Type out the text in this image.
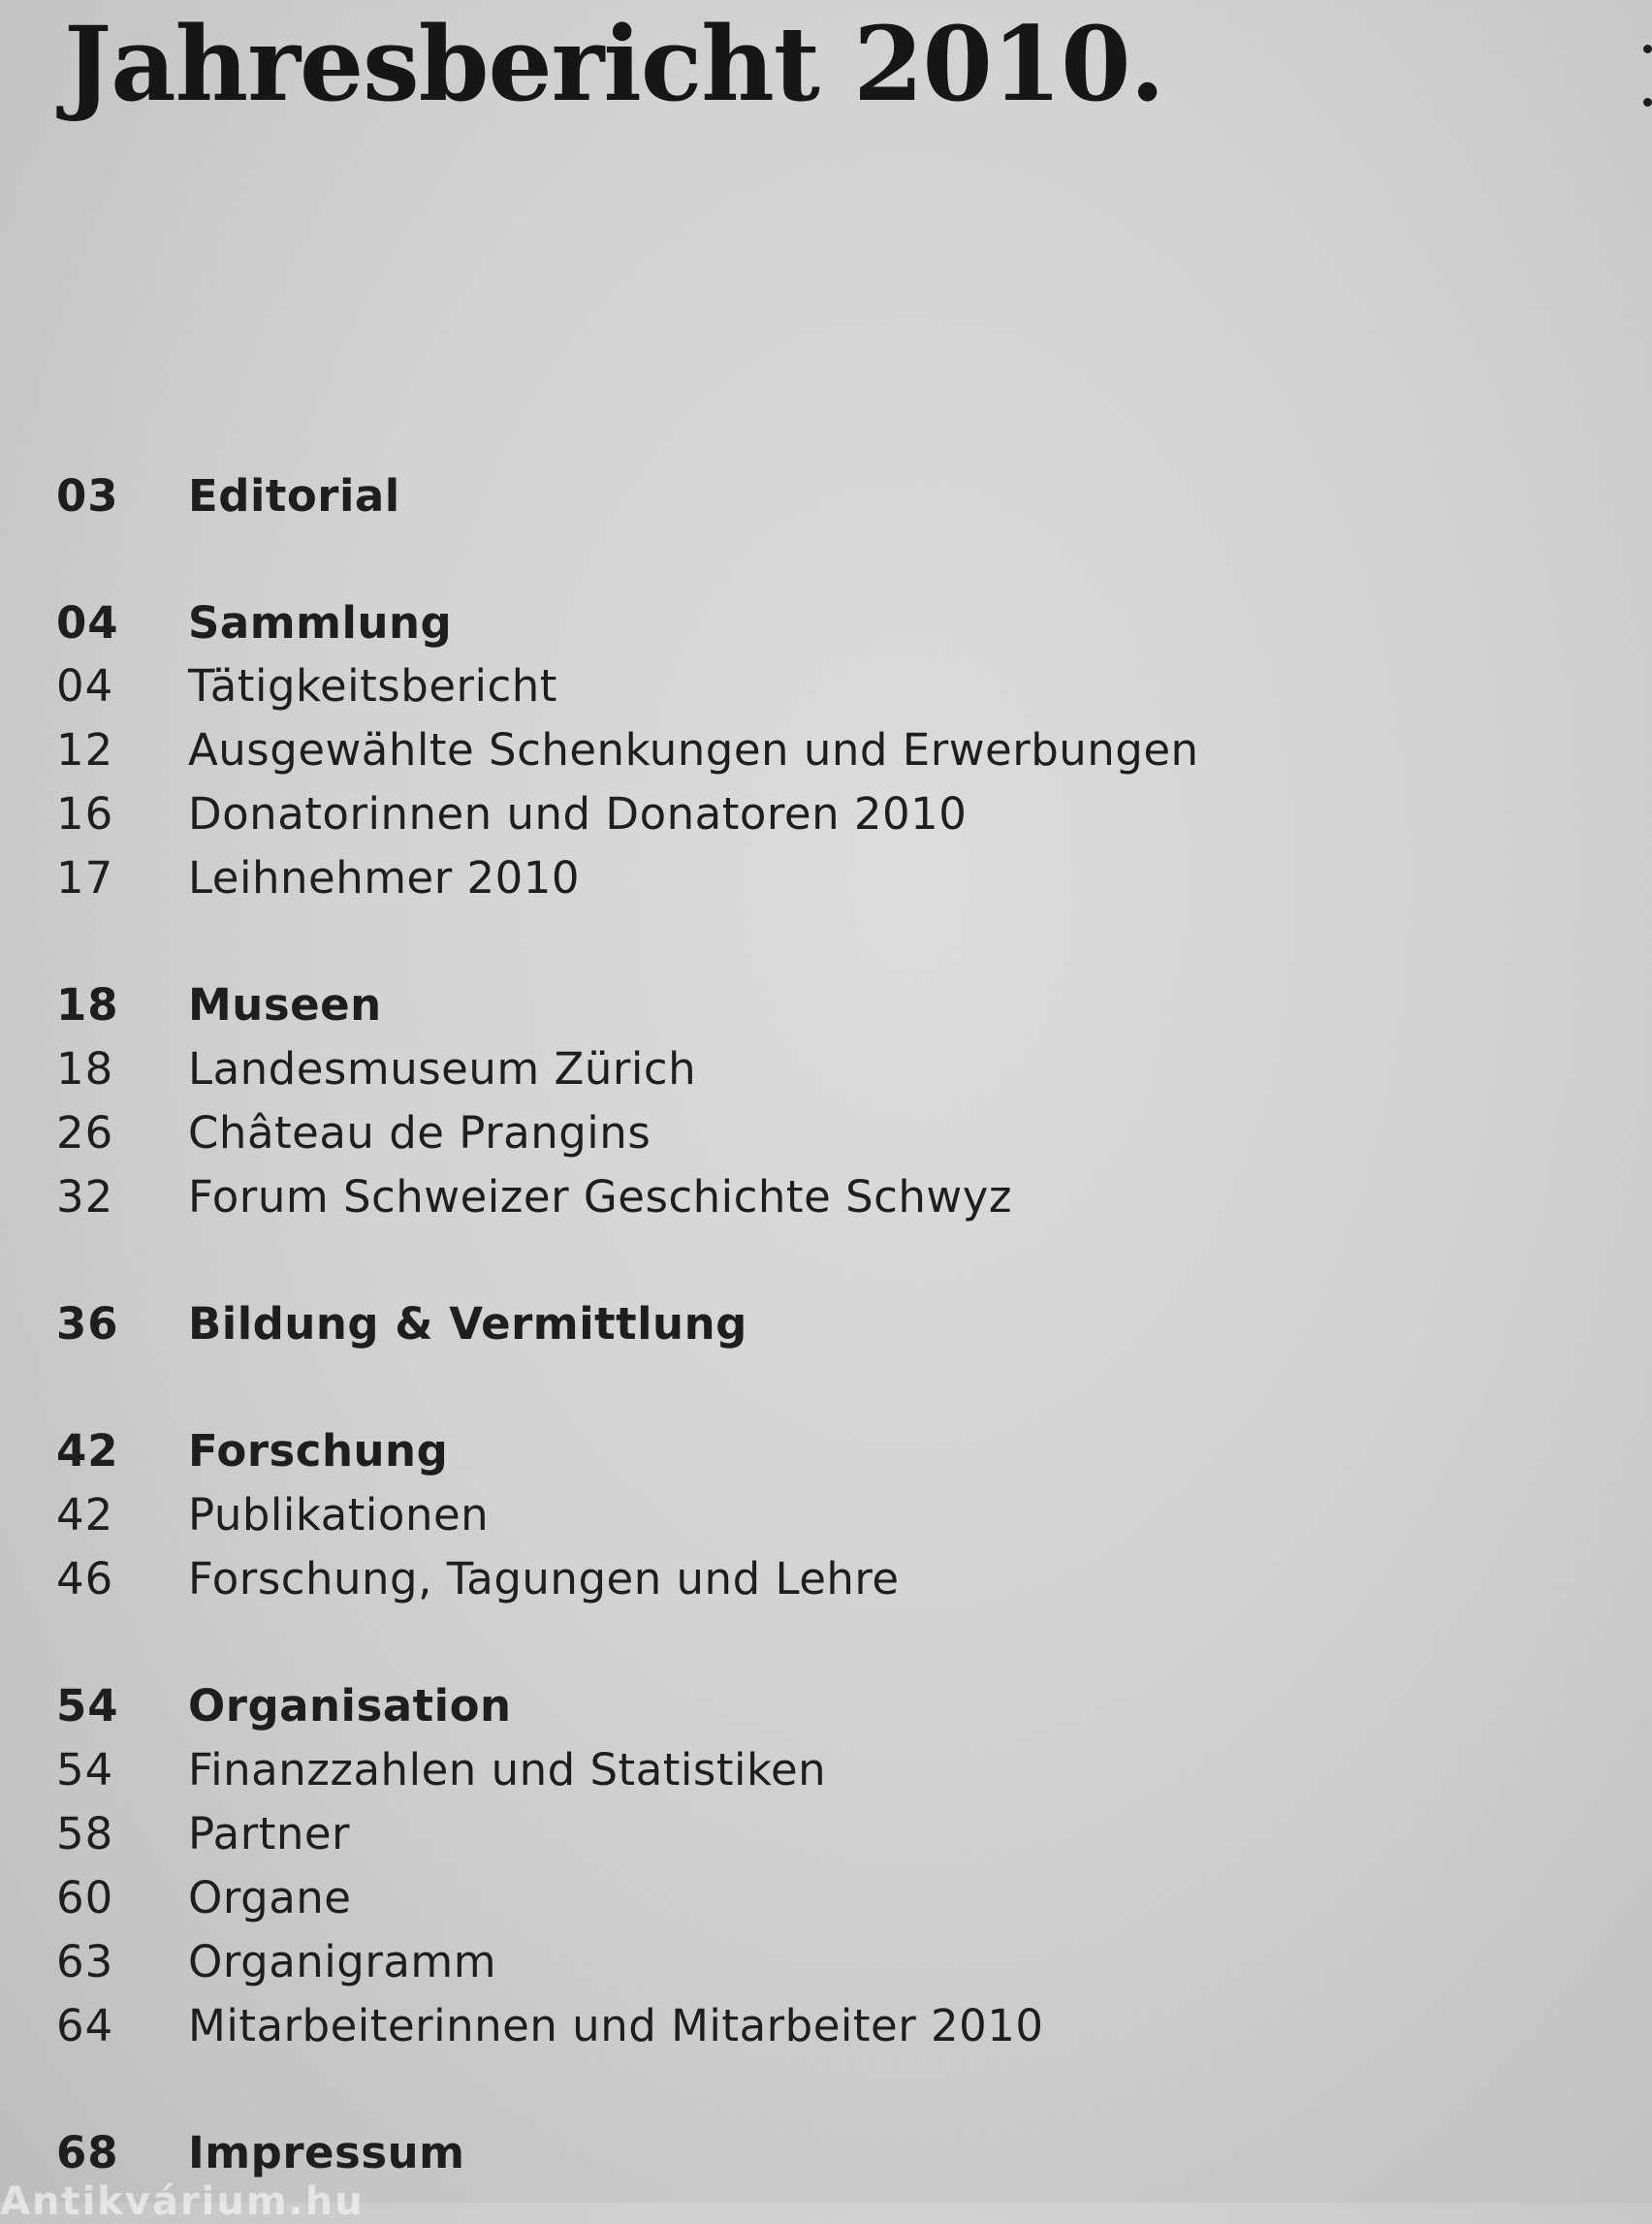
Jahresbericht 2010.
03	Editorial
04	Sammlung
04	Tätigkeitsbericht
12	Ausgewählte Schenkungen und Erwerbungen
16	Donatorinnen und Donatoren 2010
17	Leihnehmer 2010
18	Museen
18	Landesmuseum Zürich
26	Château de Prangins
32	Forum Schweizer Geschichte Schwyz
36	Bildung & Vermittlung
42	Forschung
42	Publikationen
46	Forschung, Tagungen und Lehre
54	Organisation
54	Finanzzahlen und Statistiken
58	Partner
60	Organe
63	Organigramm
64	Mitarbeiterinnen und Mitarbeiter 2010
68	Impressum
Antikvárium.hu
